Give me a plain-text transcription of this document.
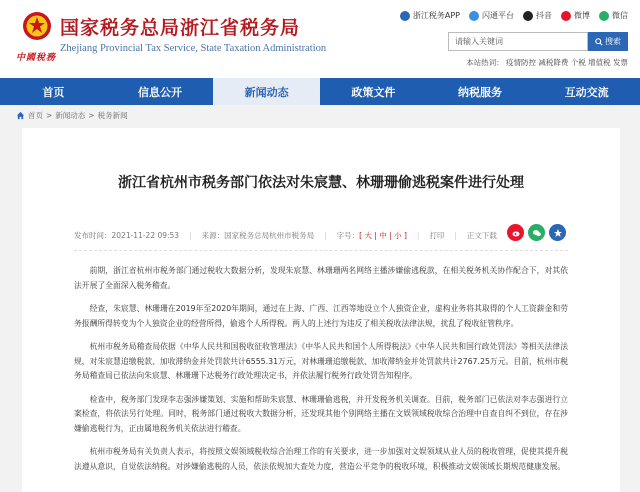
中國稅務
国家税务总局浙江省税务局
Zhejiang Provincial Tax Service, State Taxation Administration
浙江税务APP	闪通平台	抖音	微博	微信
请输入关键词	搜索
本站热词： 疫情防控 减税降费 个税 增值税 发票
首页	信息公开	新闻动态	政策文件	纳税服务	互动交流
首页 > 新闻动态 > 税务新闻
浙江省杭州市税务部门依法对朱宸慧、林珊珊偷逃税案件进行处理
发布时间：2021-11-22 09:53 | 来源：国家税务总局杭州市税务局 | 字号：[ 大 | 中 | 小 ] | 打印 | 正文下载

前期，浙江省杭州市税务部门通过税收大数据分析，发现朱宸慧、林珊珊两名网络主播涉嫌偷逃税款，在相关税务机关协作配合下，对其依法开展了全面深入税务稽查。

经查，朱宸慧、林珊珊在2019年至2020年期间，通过在上海、广西、江西等地设立个人独资企业，虚构业务将其取得的个人工资薪金和劳务报酬所得转变为个人独资企业的经营所得，偷逃个人所得税。两人的上述行为违反了相关税收法律法规，扰乱了税收征管秩序。

杭州市税务局稽查局依据《中华人民共和国税收征收管理法》《中华人民共和国个人所得税法》《中华人民共和国行政处罚法》等相关法律法规，对朱宸慧追缴税款、加收滞纳金并处罚款共计6555.31万元，对林珊珊追缴税款、加收滞纳金并处罚款共计2767.25万元。目前，杭州市税务局稽查局已依法向朱宸慧、林珊珊下达税务行政处理决定书，并依法履行税务行政处罚告知程序。

检查中，税务部门发现李志强涉嫌策划、实施和帮助朱宸慧、林珊珊偷逃税，并开发税务机关调查。目前，税务部门已依法对李志强进行立案检查，将依法另行处理。同时，税务部门通过税收大数据分析，还发现其他个别网络主播在文娱领域税收综合治理中自查自纠不到位，存在涉嫌偷逃税行为，正由属地税务机关依法进行稽查。

杭州市税务局有关负责人表示，将按照文娱领域税收综合治理工作的有关要求，进一步加强对文娱领域从业人员的税收管理，促使其提升税法遵从意识，自觉依法纳税。对涉嫌偷逃税的人员，依法依规加大查处力度，营造公平竞争的税收环境，积极推动文娱领域长期规范健康发展。
